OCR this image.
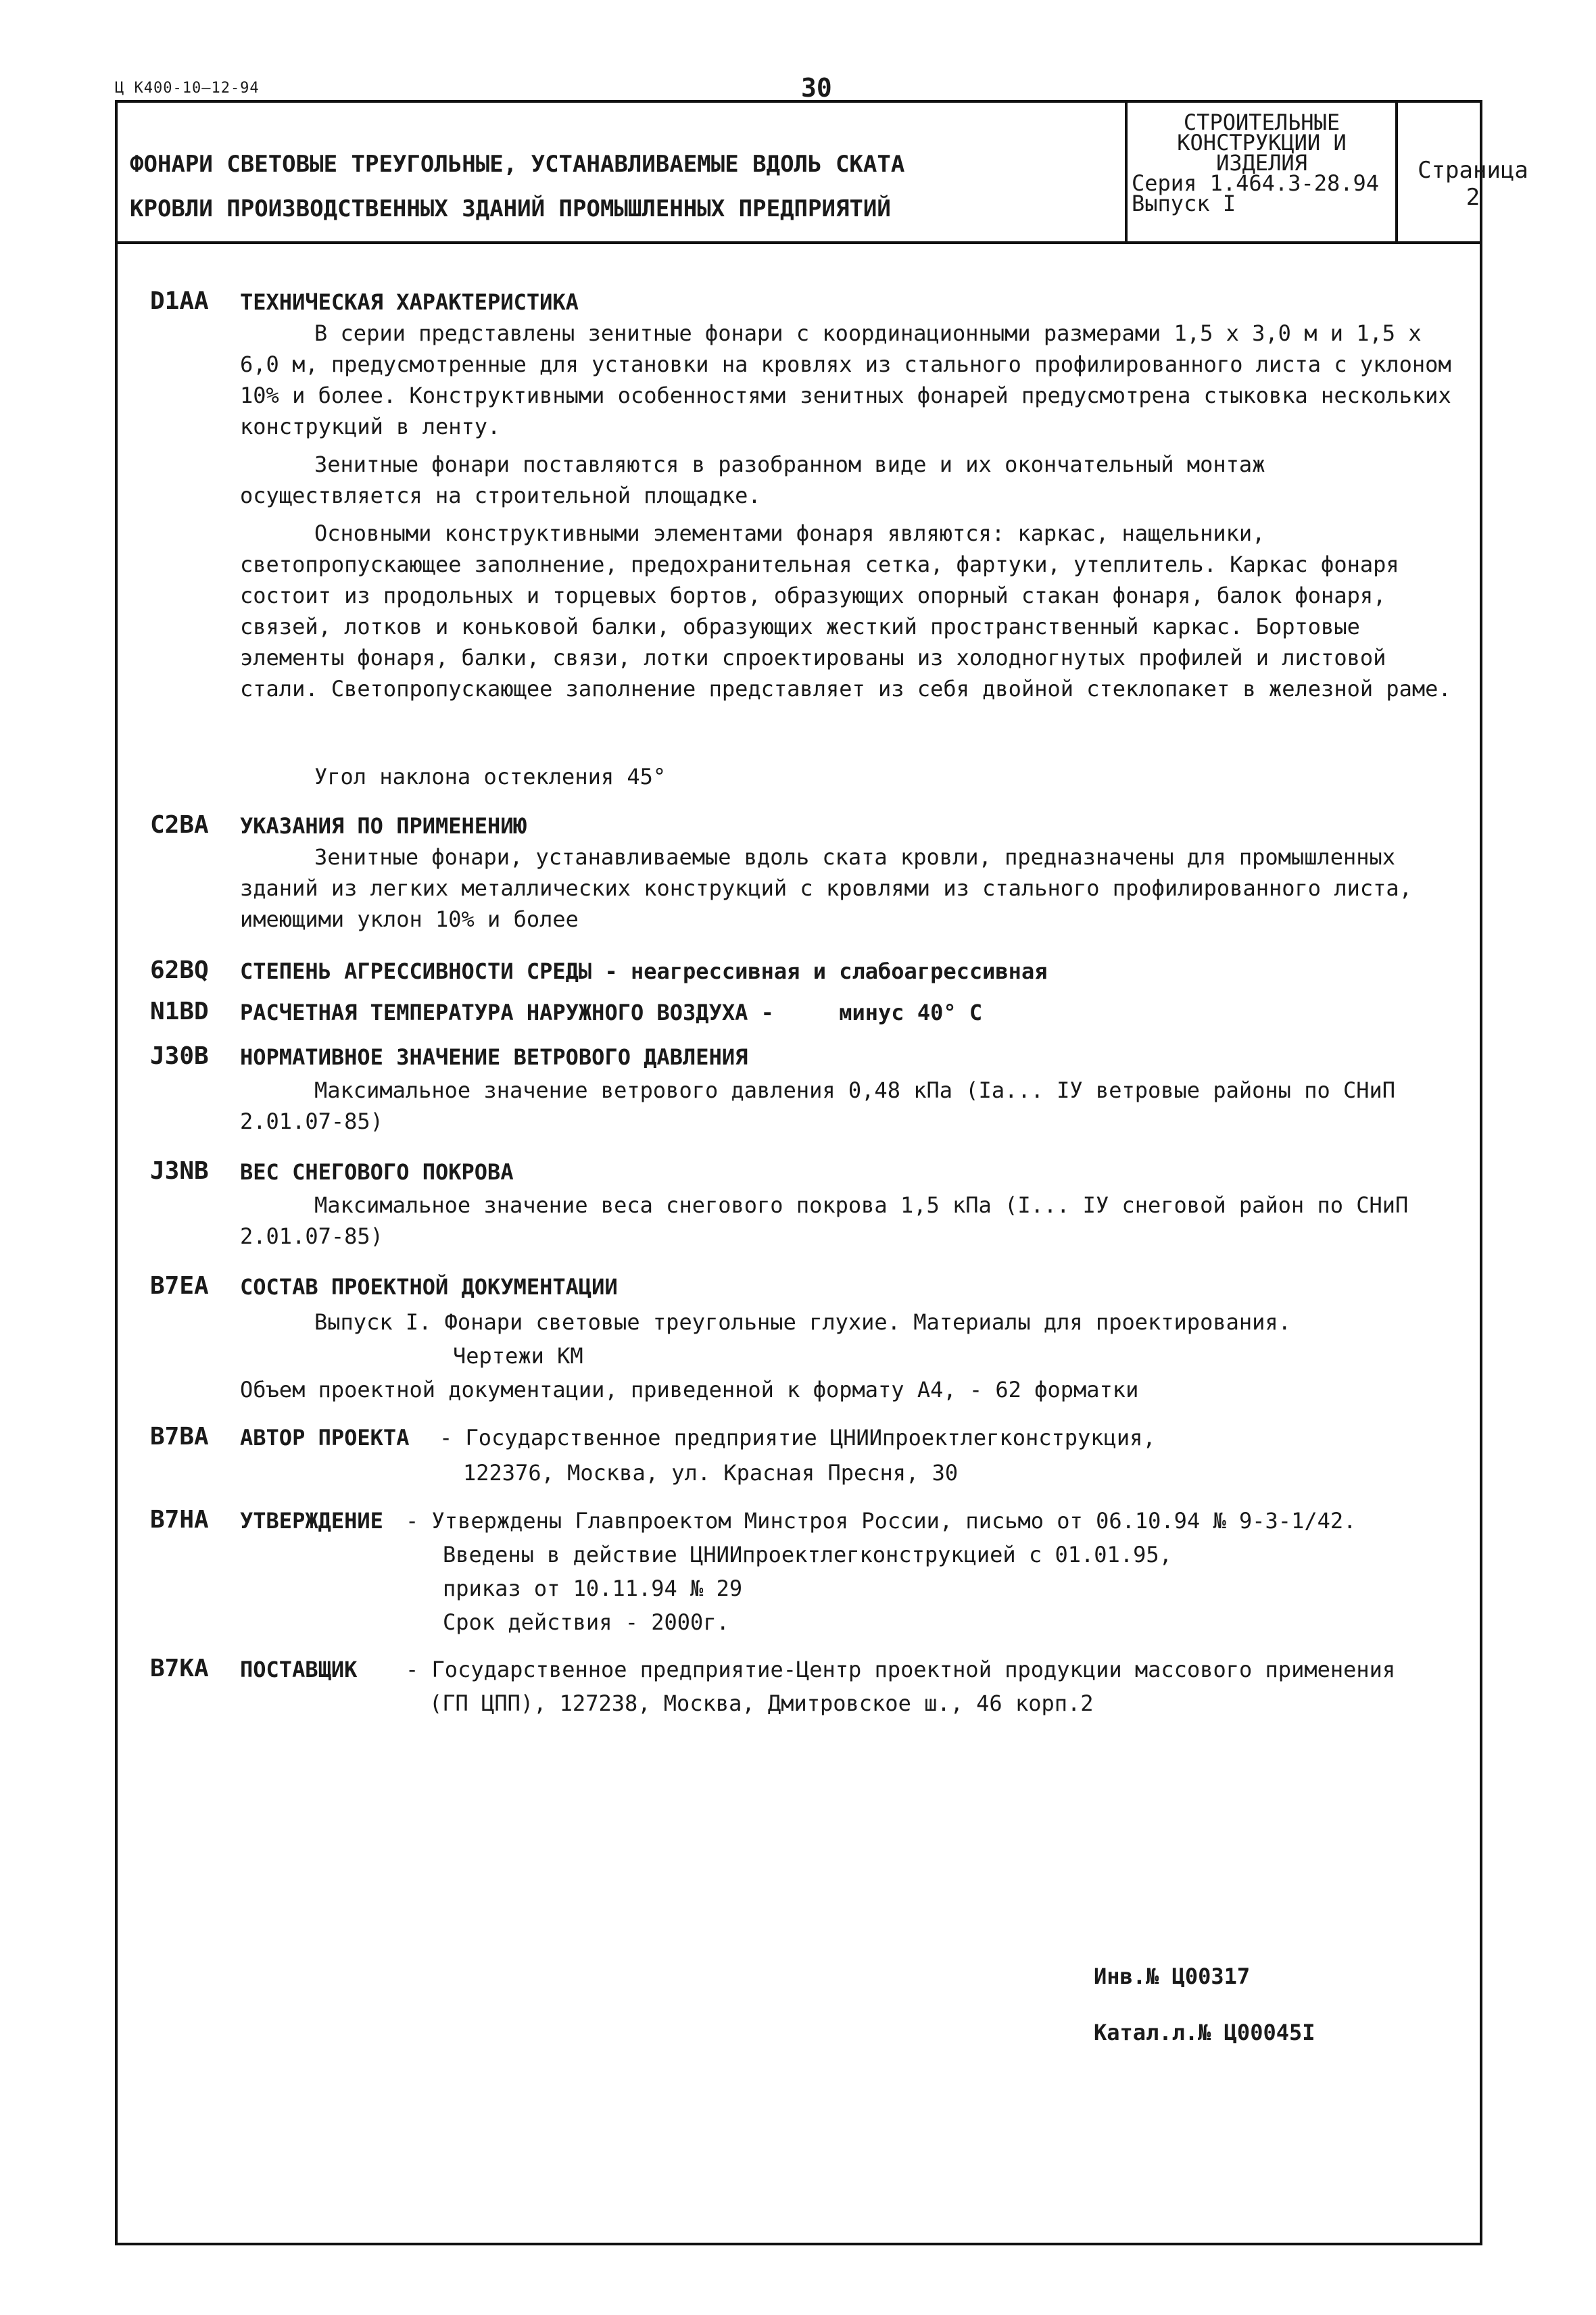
Ц К400-10—12-94	30
ФОНАРИ СВЕТОВЫЕ ТРЕУГОЛЬНЫЕ, УСТАНАВЛИВАЕМЫЕ ВДОЛЬ СКАТА
КРОВЛИ ПРОИЗВОДСТВЕННЫХ ЗДАНИЙ ПРОМЫШЛЕННЫХ ПРЕДПРИЯТИЙ
СТРОИТЕЛЬНЫЕ
КОНСТРУКЦИИ И
ИЗДЕЛИЯ
Серия 1.464.3-28.94
Выпуск I
Страница 2
D1AA	ТЕХНИЧЕСКАЯ ХАРАКТЕРИСТИКА
В серии представлены зенитные фонари с координационными размерами 1,5 х 3,0 м и 1,5 х 6,0 м, предусмотренные для установки на кровлях из стального профилированного листа с уклоном 10% и более. Конструктивными особенностями зенитных фонарей предусмотрена стыковка нескольких конструкций в ленту.
Зенитные фонари поставляются в разобранном виде и их окончательный монтаж осуществляется на строительной площадке.
Основными конструктивными элементами фонаря являются: каркас, нащельники, светопропускающее заполнение, предохранительная сетка, фартуки, утеплитель. Каркас фонаря состоит из продольных и торцевых бортов, образующих опорный стакан фонаря, балок фонаря, связей, лотков и коньковой балки, образующих жесткий пространственный каркас. Бортовые элементы фонаря, балки, связи, лотки спроектированы из холодногнутых профилей и листовой стали. Светопропускающее заполнение представляет из себя двойной стеклопакет в железной раме.
Угол наклона остекления 45°
C2BA	УКАЗАНИЯ ПО ПРИМЕНЕНИЮ
Зенитные фонари, устанавливаемые вдоль ската кровли, предназначены для промышленных зданий из легких металлических конструкций с кровлями из стального профилированного листа, имеющими уклон 10% и более
62BQ	СТЕПЕНЬ АГРЕССИВНОСТИ СРЕДЫ - неагрессивная и слабоагрессивная
N1BD	РАСЧЕТНАЯ ТЕМПЕРАТУРА НАРУЖНОГО ВОЗДУХА -     минус 40° С
J30B	НОРМАТИВНОЕ ЗНАЧЕНИЕ ВЕТРОВОГО ДАВЛЕНИЯ
Максимальное значение ветрового давления 0,48 кПа (Iа... IУ ветровые районы по СНиП 2.01.07-85)
J3NB	ВЕС СНЕГОВОГО ПОКРОВА
Максимальное значение веса снегового покрова 1,5 кПа (I... IУ снеговой район по СНиП 2.01.07-85)
B7EA	СОСТАВ ПРОЕКТНОЙ ДОКУМЕНТАЦИИ
Выпуск I. Фонари световые треугольные глухие. Материалы для проектирования.
Чертежи КМ
Объем проектной документации, приведенной к формату А4, - 62 форматки
B7BA	АВТОР ПРОЕКТА - Государственное предприятие ЦНИИпроектлегконструкция,
122376, Москва, ул. Красная Пресня, 30
B7HA	УТВЕРЖДЕНИЕ - Утверждены Главпроектом Минстроя России, письмо от 06.10.94 № 9-3-1/42.
Введены в действие ЦНИИпроектлегконструкцией с 01.01.95,
приказ от 10.11.94 № 29
Срок действия - 2000г.
B7KA	ПОСТАВЩИК - Государственное предприятие-Центр проектной продукции массового применения
(ГП ЦПП), 127238, Москва, Дмитровское ш., 46 корп.2
Инв.№ Ц00317
Катал.л.№ Ц00045I
